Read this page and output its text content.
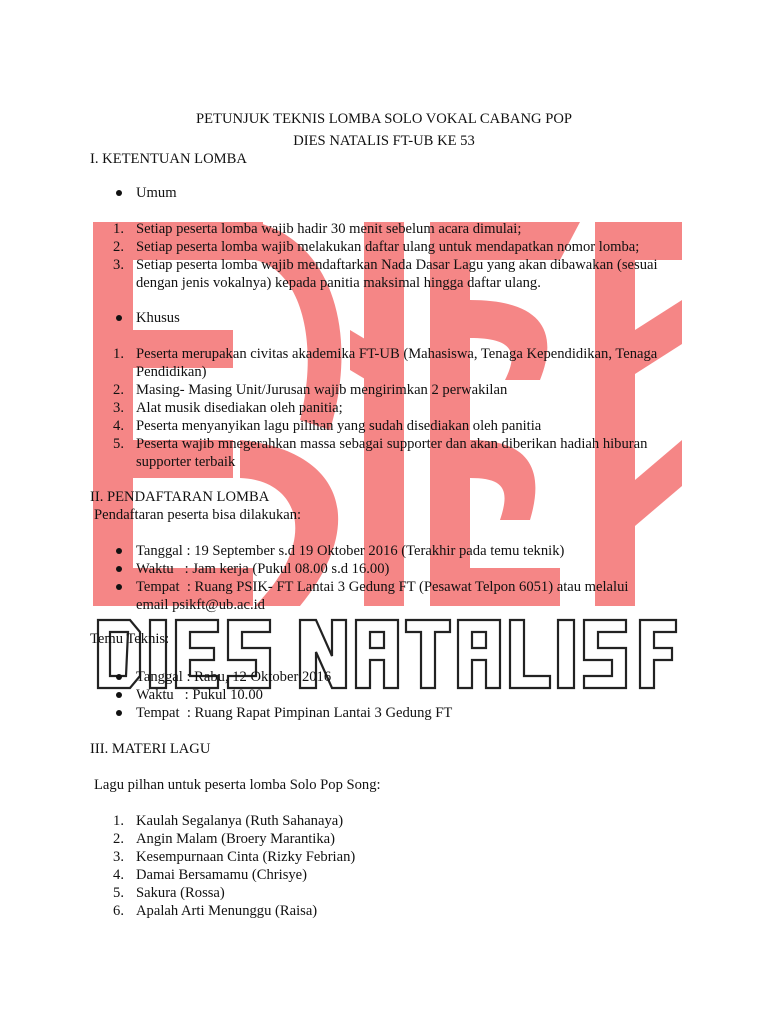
PETUNJUK TEKNIS LOMBA SOLO VOKAL CABANG POP
DIES NATALIS FT-UB KE 53
I. KETENTUAN LOMBA
Umum
1. Setiap peserta lomba wajib hadir 30 menit sebelum acara dimulai;
2. Setiap peserta lomba wajib melakukan daftar ulang untuk mendapatkan nomor lomba;
3. Setiap peserta lomba wajib mendaftarkan Nada Dasar Lagu yang akan dibawakan (sesuai
dengan jenis vokalnya) kepada panitia maksimal hingga daftar ulang.
Khusus
1. Peserta merupakan civitas akademika FT-UB (Mahasiswa, Tenaga Kependidikan, Tenaga
Pendidikan)
2. Masing- Masing Unit/Jurusan wajib mengirimkan 2 perwakilan
3. Alat musik disediakan oleh panitia;
4. Peserta menyanyikan lagu pilihan yang sudah disediakan oleh panitia
5. Peserta wajib mnegerahkan massa sebagai supporter dan akan diberikan hadiah hiburan
supporter terbaik
II. PENDAFTARAN LOMBA
Pendaftaran peserta bisa dilakukan:
Tanggal : 19 September s.d 19 Oktober 2016 (Terakhir pada temu teknik)
Waktu   : Jam kerja (Pukul 08.00 s.d 16.00)
Tempat  : Ruang PSIK- FT Lantai 3 Gedung FT (Pesawat Telpon 6051) atau melalui
email psikft@ub.ac.id
Temu Teknis:
Tanggal : Rabu, 12 Oktober 2016
Waktu   : Pukul 10.00
Tempat  : Ruang Rapat Pimpinan Lantai 3 Gedung FT
III. MATERI LAGU
Lagu pilhan untuk peserta lomba Solo Pop Song:
1. Kaulah Segalanya (Ruth Sahanaya)
2. Angin Malam (Broery Marantika)
3. Kesempurnaan Cinta (Rizky Febrian)
4. Damai Bersamamu (Chrisye)
5. Sakura (Rossa)
6. Apalah Arti Menunggu (Raisa)
